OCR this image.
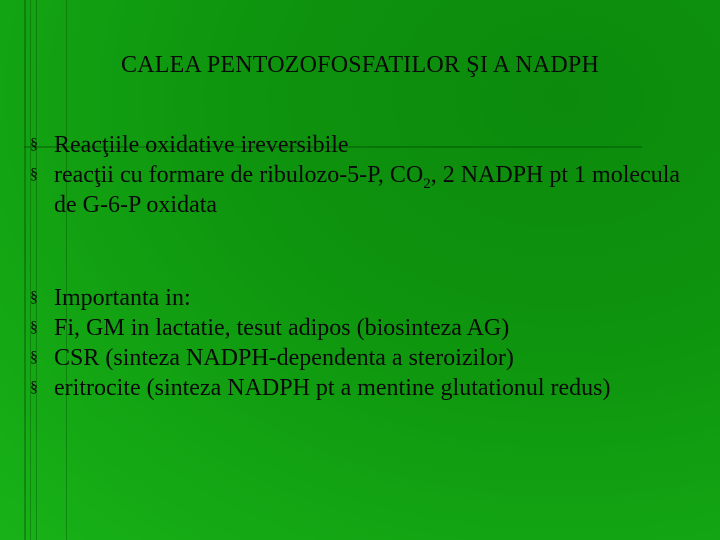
CALEA PENTOZOFOSFATILOR ŞI A NADPH
§ Reacţiile oxidative ireversibile
§ reacţii cu formare de ribulozo-5-P, $CO_2$, 2 NADPH pt 1 molecula de G-6-P oxidata
§ Importanta in:
§ Fi, GM in lactatie, tesut adipos (biosinteza AG)
§ CSR (sinteza NADPH-dependenta a steroizilor)
§ eritrocite (sinteza NADPH pt a mentine glutationul redus)
